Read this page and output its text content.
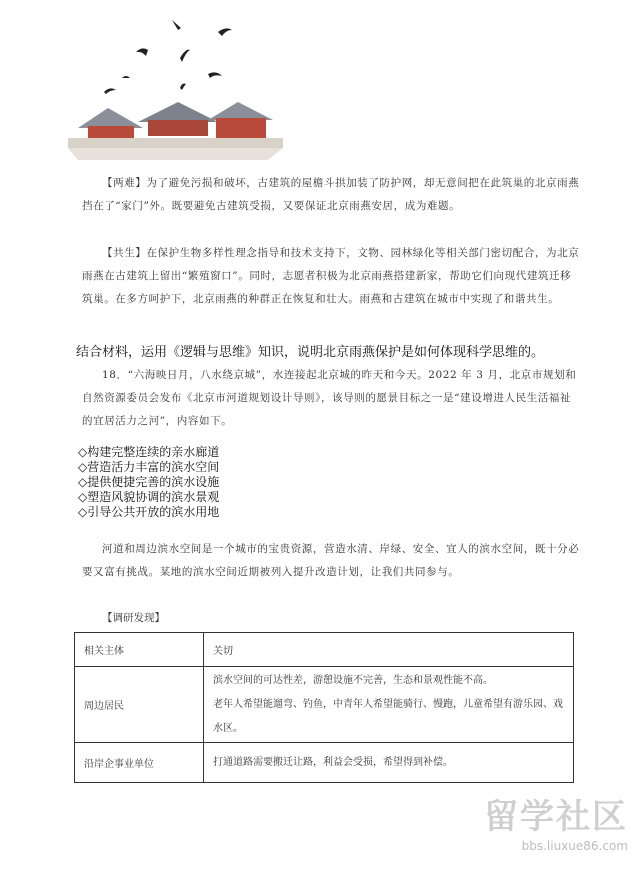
【两难】为了避免污损和破坏，古建筑的屋檐斗拱加装了防护网，却无意间把在此筑巢的北京雨燕挡在了“家门”外。既要避免古建筑受损，又要保证北京雨燕安居，成为难题。
【共生】在保护生物多样性理念指导和技术支持下，文物、园林绿化等相关部门密切配合，为北京雨燕在古建筑上留出“繁殖窗口”。同时，志愿者积极为北京雨燕搭建新家，帮助它们向现代建筑迁移筑巢。在多方呵护下，北京雨燕的种群正在恢复和壮大。雨燕和古建筑在城市中实现了和谐共生。
结合材料，运用《逻辑与思维》知识，说明北京雨燕保护是如何体现科学思维的。
18．“六海映日月，八水绕京城”，水连接起北京城的昨天和今天。2022 年 3 月，北京市规划和自然资源委员会发布《北京市河道规划设计导则》，该导则的愿景目标之一是“建设增进人民生活福祉的宜居活力之河”，内容如下。
◇构建完整连续的亲水廊道
◇营造活力丰富的滨水空间
◇提供便捷完善的滨水设施
◇塑造风貌协调的滨水景观
◇引导公共开放的滨水用地
河道和周边滨水空间是一个城市的宝贵资源，营造水清、岸绿、安全、宜人的滨水空间，既十分必要又富有挑战。某地的滨水空间近期被列入提升改造计划，让我们共同参与。
【调研发现】
相关主体	关切
周边居民	滨水空间的可达性差，游憩设施不完善，生态和景观性能不高。
老年人希望能遛弯、钓鱼，中青年人希望能骑行、慢跑，儿童希望有游乐园、戏水区。

沿岸企事业单位	打通道路需要搬迁让路，利益会受损，希望得到补偿。
留学社区
bbs.liuxue86.com
